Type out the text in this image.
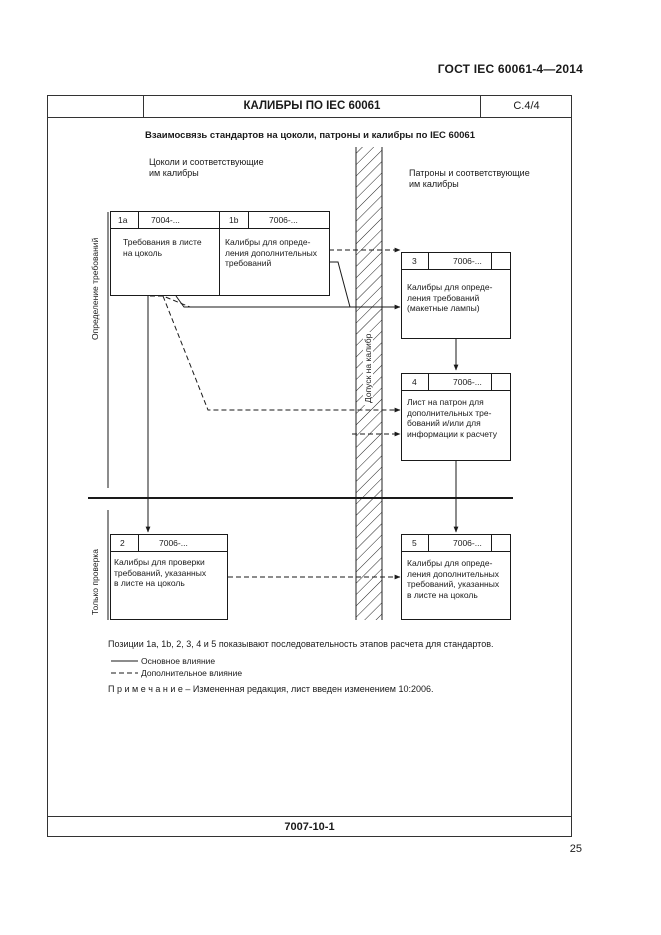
ГОСТ IEC 60061-4—2014
КАЛИБРЫ ПО IEC 60061	С.4/4
7007-10-1
25
Взаимосвязь стандартов на цоколи, патроны и калибры по IEC 60061
Цоколи и соответствующие
им калибры	Патроны и соответствующие
им калибры
Определение требований
Только проверка
Допуск на калибр
1a	7004-...
Требования в листе
на цоколь
1b	7006-...
Калибры для опреде-
ления дополнительных
требований	3	7006-...
Калибры для опреде-
ления требований
(макетные лампы)
4	7006-...
Лист на патрон для
дополнительных тре-
бований и/или для
информации к расчету
2	7006-...
Калибры для проверки
требований, указанных
в листе на цоколь
5	7006-...
Калибры для опреде-
ления дополнительных
требований, указанных
в листе на цоколь
Позиции 1a, 1b, 2, 3, 4 и 5 показывают последовательность этапов расчета для стандартов.
Основное влияние
Дополнительное влияние
П р и м е ч а н и е – Измененная редакция, лист введен изменением 10:2006.
